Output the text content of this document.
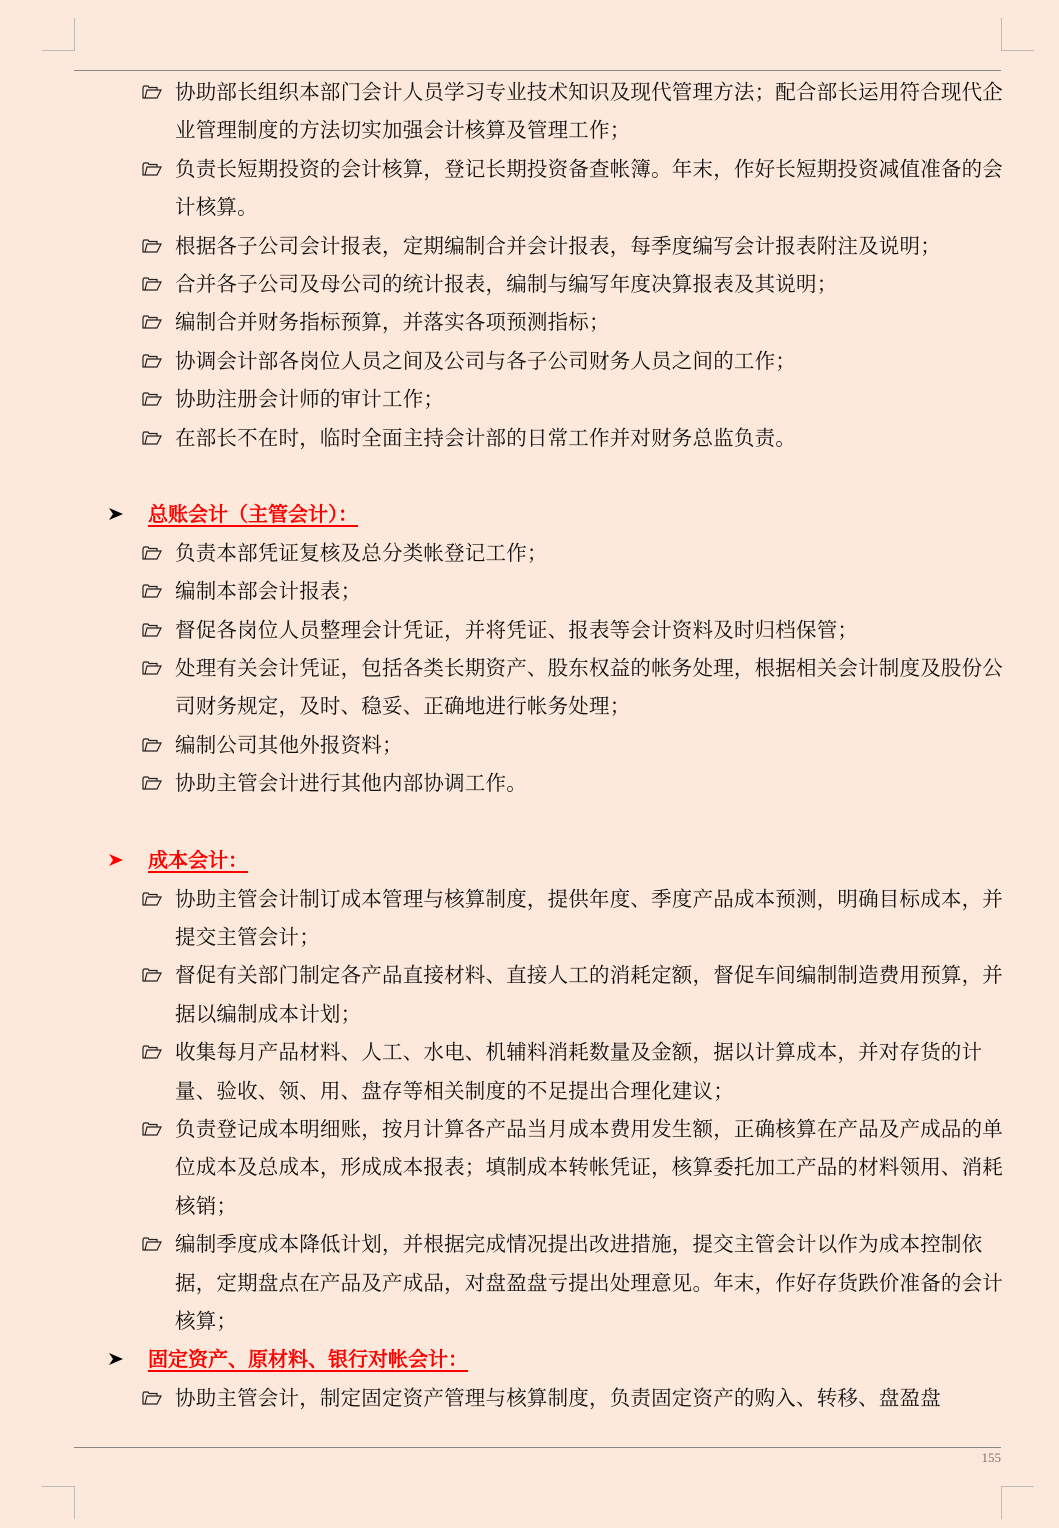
155
协助部长组织本部门会计人员学习专业技术知识及现代管理方法；配合部长运用符合现代企业管理制度的方法切实加强会计核算及管理工作；
负责长短期投资的会计核算，登记长期投资备查帐簿。年末，作好长短期投资减值准备的会计核算。
根据各子公司会计报表，定期编制合并会计报表，每季度编写会计报表附注及说明；
合并各子公司及母公司的统计报表，编制与编写年度决算报表及其说明；
编制合并财务指标预算，并落实各项预测指标；
协调会计部各岗位人员之间及公司与各子公司财务人员之间的工作；
协助注册会计师的审计工作；
在部长不在时，临时全面主持会计部的日常工作并对财务总监负责。
总账会计（主管会计）：
负责本部凭证复核及总分类帐登记工作；
编制本部会计报表；
督促各岗位人员整理会计凭证，并将凭证、报表等会计资料及时归档保管；
处理有关会计凭证，包括各类长期资产、股东权益的帐务处理，根据相关会计制度及股份公司财务规定，及时、稳妥、正确地进行帐务处理；
编制公司其他外报资料；
协助主管会计进行其他内部协调工作。
成本会计：
协助主管会计制订成本管理与核算制度，提供年度、季度产品成本预测，明确目标成本，并提交主管会计；
督促有关部门制定各产品直接材料、直接人工的消耗定额，督促车间编制制造费用预算，并据以编制成本计划；
收集每月产品材料、人工、水电、机辅料消耗数量及金额，据以计算成本，并对存货的计量、验收、领、用、盘存等相关制度的不足提出合理化建议；
负责登记成本明细账，按月计算各产品当月成本费用发生额，正确核算在产品及产成品的单位成本及总成本，形成成本报表；填制成本转帐凭证，核算委托加工产品的材料领用、消耗核销；
编制季度成本降低计划，并根据完成情况提出改进措施，提交主管会计以作为成本控制依据，定期盘点在产品及产成品，对盘盈盘亏提出处理意见。年末，作好存货跌价准备的会计核算；
固定资产、原材料、银行对帐会计：
协助主管会计，制定固定资产管理与核算制度，负责固定资产的购入、转移、盘盈盘
